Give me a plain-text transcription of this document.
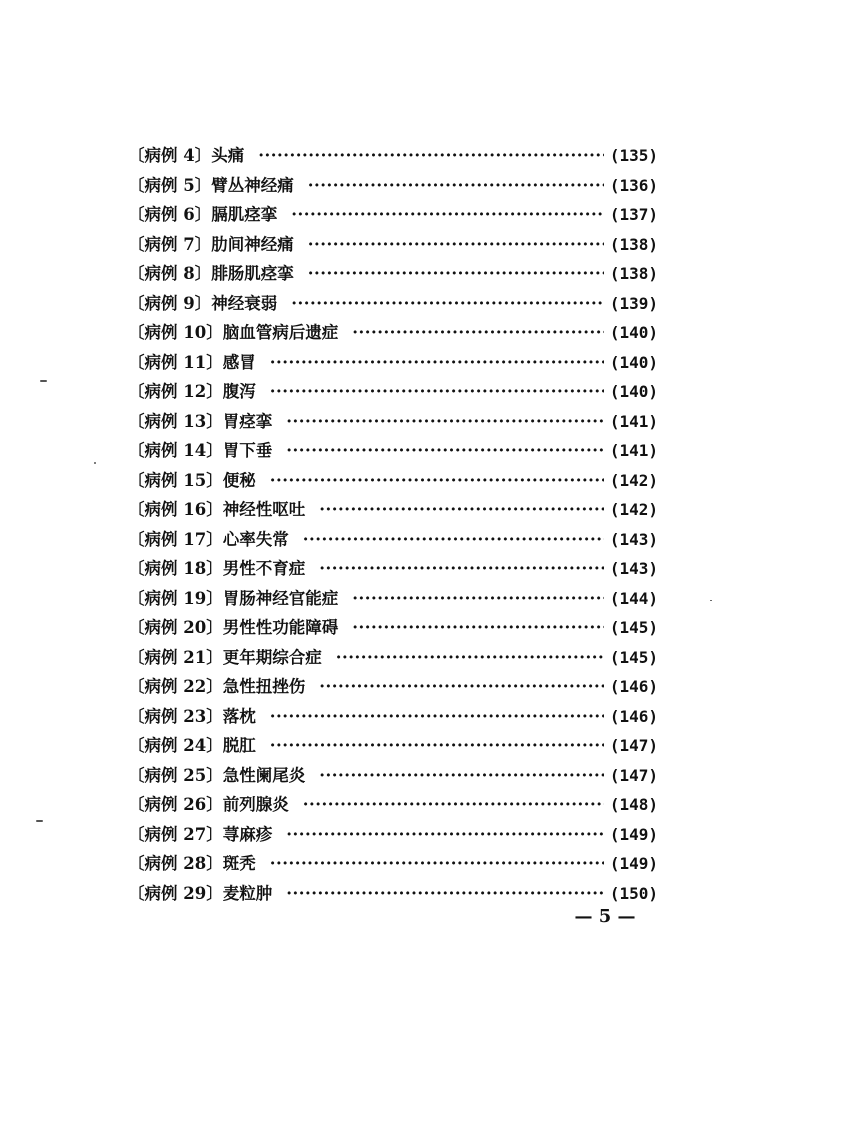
〔病例 4〕头痛 ·····	(135)
〔病例 5〕臂丛神经痛 ·····	(136)
〔病例 6〕膈肌痉挛 ·····	(137)
〔病例 7〕肋间神经痛 ·····	(138)
〔病例 8〕腓肠肌痉挛 ·····	(138)
〔病例 9〕神经衰弱 ·····	(139)
〔病例 10〕脑血管病后遗症 ·····	(140)
〔病例 11〕感冒 ·····	(140)
〔病例 12〕腹泻 ·····	(140)
〔病例 13〕胃痉挛 ·····	(141)
〔病例 14〕胃下垂 ·····	(141)
〔病例 15〕便秘 ·····	(142)
〔病例 16〕神经性呕吐 ·····	(142)
〔病例 17〕心率失常 ·····	(143)
〔病例 18〕男性不育症 ·····	(143)
〔病例 19〕胃肠神经官能症 ·····	(144)
〔病例 20〕男性性功能障碍 ·····	(145)
〔病例 21〕更年期综合症 ·····	(145)
〔病例 22〕急性扭挫伤 ·····	(146)
〔病例 23〕落枕 ·····	(146)
〔病例 24〕脱肛 ·····	(147)
〔病例 25〕急性阑尾炎 ·····	(147)
〔病例 26〕前列腺炎 ·····	(148)
〔病例 27〕荨麻疹 ·····	(149)
〔病例 28〕斑秃 ·····	(149)
〔病例 29〕麦粒肿 ·····	(150)
— 5 —
